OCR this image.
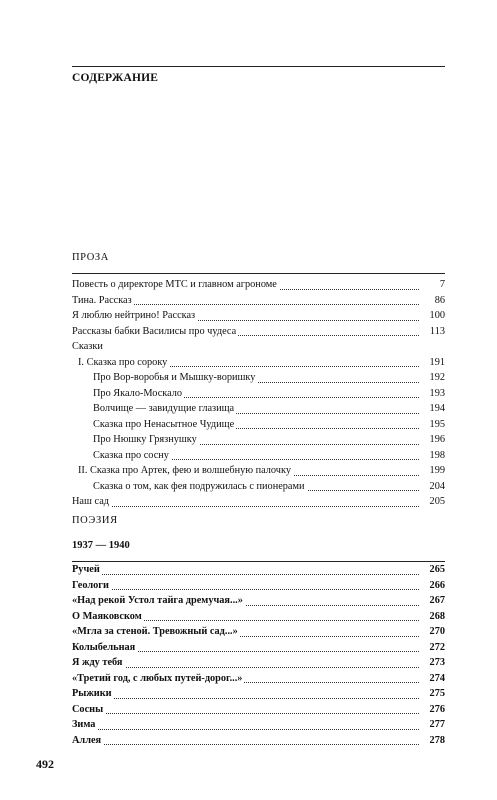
СОДЕРЖАНИЕ
ПРОЗА
Повесть о директоре МТС и главном агрономе	7
Тина. Рассказ	86
Я люблю нейтрино! Рассказ	100
Рассказы бабки Василисы про чудеса	113
Сказки
I. Сказка про сороку	191
Про Вор-воробья и Мышку-воришку	192
Про Якало-Москало	193
Волчище — завидущие глазища	194
Сказка про Ненасытное Чудище	195
Про Нюшку Грязнушку	196
Сказка про сосну	198
II. Сказка про Артек, фею и волшебную палочку	199
Сказка о том, как фея подружилась с пионерами	204
Наш сад	205
ПОЭЗИЯ
1937 — 1940
Ручей	265
Геологи	266
«Над рекой Устол тайга дремучая...»	267
О Маяковском	268
«Мгла за стеной. Тревожный сад...»	270
Колыбельная	272
Я жду тебя	273
«Третий год, с любых путей-дорог...»	274
Рыжики	275
Сосны	276
Зима	277
Аллея	278
492
